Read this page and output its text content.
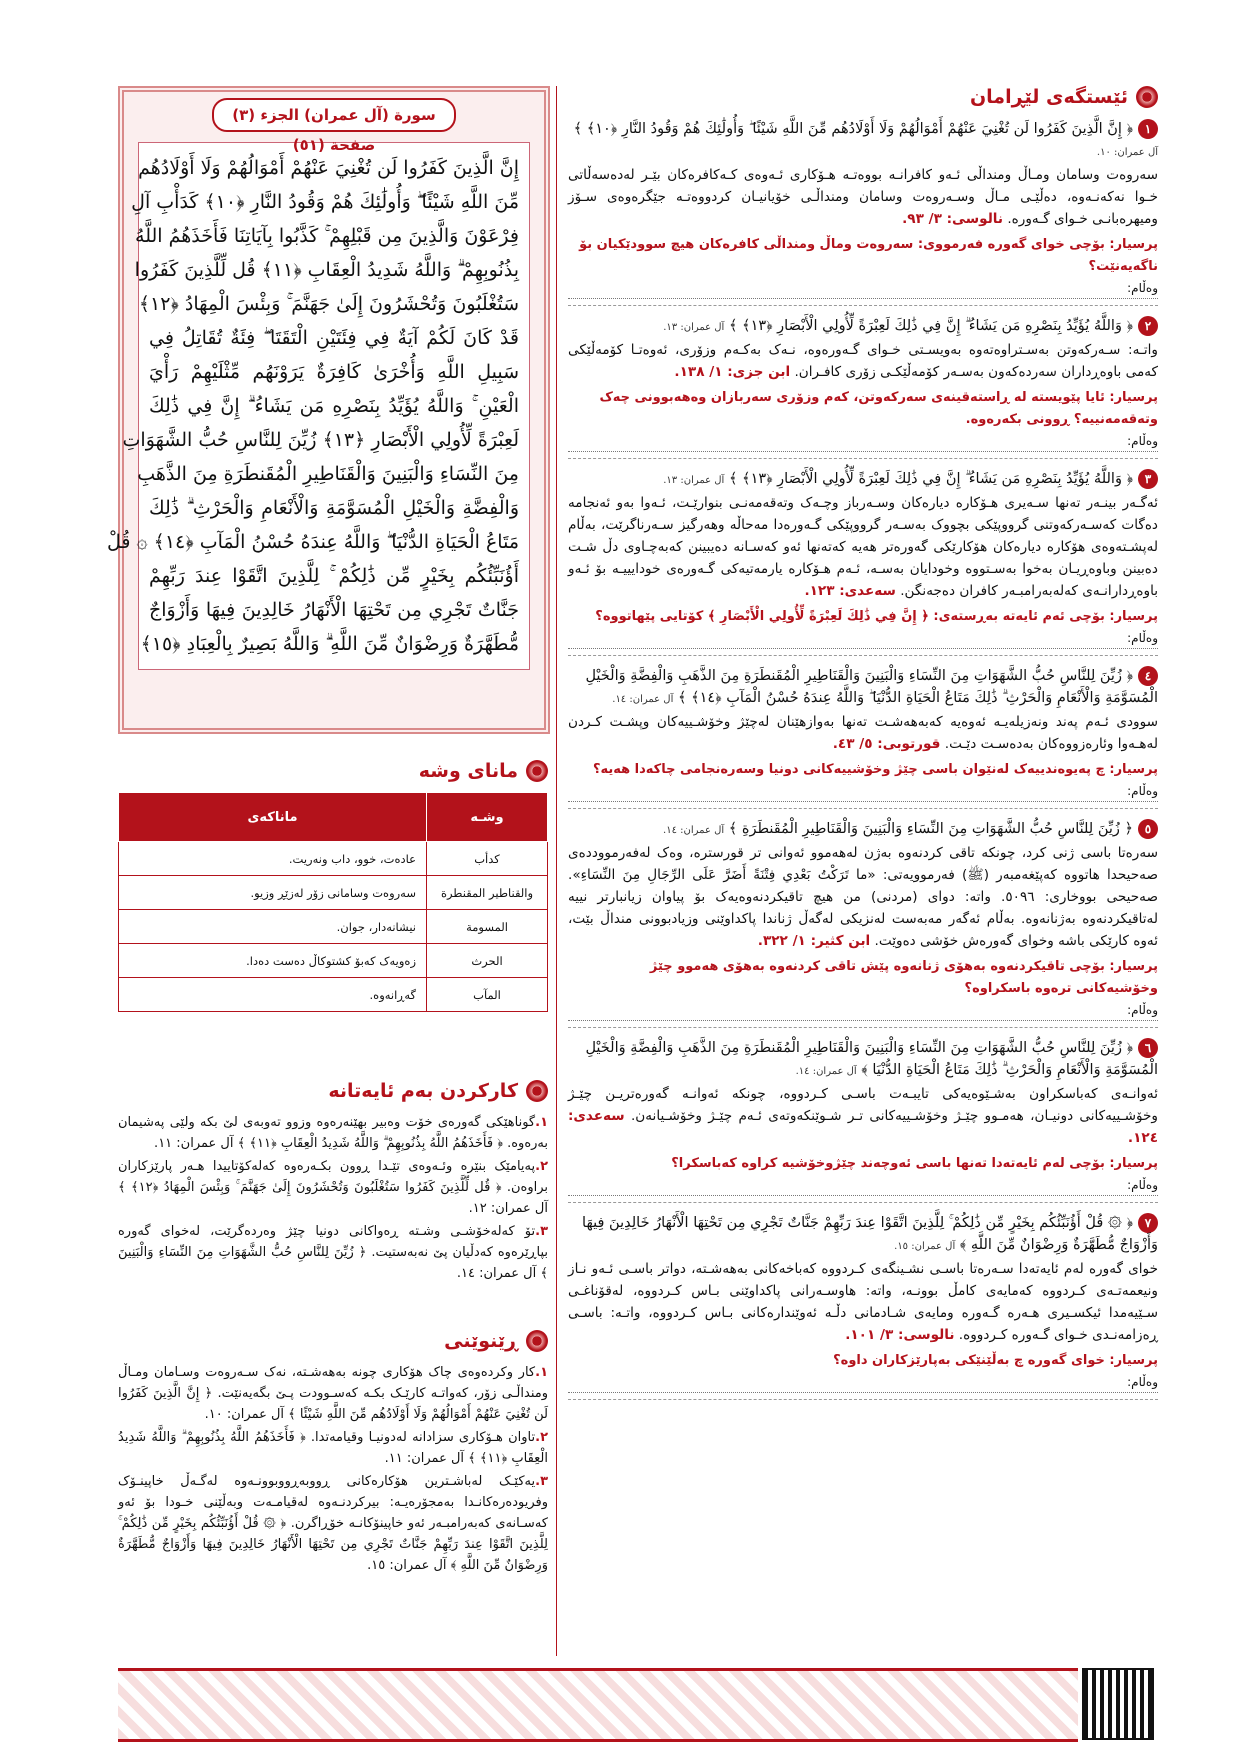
ئێستگەی لێڕامان
١﴿ إِنَّ الَّذِينَ كَفَرُوا لَن تُغْنِيَ عَنْهُمْ أَمْوَالُهُمْ وَلَا أَوْلَادُهُم مِّنَ اللَّهِ شَيْئًا ۖ وَأُولَٰئِكَ هُمْ وَقُودُ النَّارِ ﴿١٠﴾ ﴾ آل عمران: ١٠.
سەروەت وسامان ومـاڵ ومنداڵی ئـەو کافرانـە بووەتـە هـۆکاری ئـەوەی کـەکافرەکان بێـر لەدەسەڵاتی خـوا نەکەنـەوە، دەڵێـی مـاڵ وسـەروەت وسامان ومنداڵـی خۆیانیـان کردووەتـە جێگرەوەی سـۆز ومیهرەبانـی خـوای گـەورە. نالوسی: ٣/ ٩٣.
پرسیار: بۆچی خوای گەورە فەرمووی: سەروەت وماڵ ومنداڵی کافرەکان هیچ سوودێکیان بۆ ناگەیەنێت؟
وەڵام:
٢﴿ وَاللَّهُ يُؤَيِّدُ بِنَصْرِهِ مَن يَشَاءُ ۗ إِنَّ فِي ذَٰلِكَ لَعِبْرَةً لِّأُولِي الْأَبْصَارِ ﴿١٣﴾ ﴾ آل عمران: ١٣.
واتـە: سـەرکەوتن بەسـتراوەتەوە بەویسـتی خـوای گـەورەوە، نـەک بەکـەم وزۆری، ئەوەتـا کۆمەڵێکی کەمی باوەڕداران سەردەکەون بەسـەر کۆمەڵێکـی زۆری کافـران. ابن جزی: ١/ ١٣٨.
پرسیار: ئایا پێویستە لە ڕاستەقینەی سەرکەوتن، کەم وزۆری سەربازان وەهەبوونی چەک وتەقەمەنییە؟ ڕوونی بکەرەوە.
وەڵام:
٣﴿ وَاللَّهُ يُؤَيِّدُ بِنَصْرِهِ مَن يَشَاءُ ۗ إِنَّ فِي ذَٰلِكَ لَعِبْرَةً لِّأُولِي الْأَبْصَارِ ﴿١٣﴾ ﴾ آل عمران: ١٣.
ئەگـەر بینـەر تەنها سـەیری هـۆکارە دیارەکان وسـەرباز وچـەک وتەقەمەنـی بنوارێـت، ئـەوا بەو ئەنجامە دەگات کەسـەرکەوتنی گرووپێکی بچووک بەسـەر گرووپێکی گـەورەدا مەحاڵە وهەرگیز سـەرناگرێت، بەڵام لەپشـتەوەی هۆکارە دیارەکان هۆکارێکی گەورەتر هەیە کەتەنها ئەو کەسـانە دەیبینن کەبەچـاوی دڵ شـت دەبینن وباوەڕیـان بەخوا بەسـتووە وخودایان بەسـە، ئـەم هـۆکارە یارمەتیەکی گـەورەی خودایییـە بۆ ئـەو باوەڕدارانـەی کەلەبەرامبـەر کافران دەجەنگن. سەعدی: ١٢٣.
پرسیار: بۆچی ئەم ئایەتە بەڕستەی: ﴿ إِنَّ فِي ذَٰلِكَ لَعِبْرَةً لِّأُولِي الْأَبْصَارِ ﴾ کۆتایی پێهاتووە؟
وەڵام:
٤﴿ زُيِّنَ لِلنَّاسِ حُبُّ الشَّهَوَاتِ مِنَ النِّسَاءِ وَالْبَنِينَ وَالْقَنَاطِيرِ الْمُقَنطَرَةِ مِنَ الذَّهَبِ وَالْفِضَّةِ وَالْخَيْلِ الْمُسَوَّمَةِ وَالْأَنْعَامِ وَالْحَرْثِ ۗ ذَٰلِكَ مَتَاعُ الْحَيَاةِ الدُّنْيَا ۖ وَاللَّهُ عِندَهُ حُسْنُ الْمَآبِ ﴿١٤﴾ ﴾ آل عمران: ١٤.
سوودی ئـەم پەند ونەزیلەیـە ئەوەیە کەبەهەشـت تەنها بەوازهێنان لەچێژ وخۆشـییەکان وپشـت کـردن لەهـەوا وئارەزووەکان بەدەسـت دێـت. قورتوبی: ٥/ ٤٣.
پرسیار: چ پەیوەندییەک لەنێوان باسی چێژ وخۆشییەکانی دونیا وسەرەنجامی چاکەدا هەیە؟
وەڵام:
٥﴿ زُيِّنَ لِلنَّاسِ حُبُّ الشَّهَوَاتِ مِنَ النِّسَاءِ وَالْبَنِينَ وَالْقَنَاطِيرِ الْمُقَنطَرَةِ ﴾ آل عمران: ١٤.
سەرەتا باسی ژنی کرد، چونکە تاقی کردنەوە بەژن لەهەموو ئەوانی تر قورسترە، وەک لەفەرمووددەی صەحیحدا هاتووە کەپێغەمبەر (ﷺ) فەرموویەتی: «ما تَرَكْتُ بَعْدِي فِتْنَةً أَضَرَّ عَلَى الرِّجَالِ مِنَ النِّسَاءِ». صەحیحی بووخاری: ٥٠٩٦. واتە: دوای (مردنی) من هیچ تاقیکردنەوەیەک بۆ پیاوان زیانبارتر نییە لەتاقیکردنەوە بەژنانەوە. بەڵام ئەگەر مەبەست لەنزیکی لەگەڵ ژناندا پاکداوێنی وزیادبوونی منداڵ بێت، ئەوە کارێکی باشە وخوای گەورەش خۆشی دەوێت. ابن کثیر: ١/ ٣٢٢.
پرسیار: بۆچی تاقیکردنەوە بەهۆی ژنانەوە پێش تاقی کردنەوە بەهۆی هەموو چێژ وخۆشیەکانی ترەوە باسکراوە؟
وەڵام:
٦﴿ زُيِّنَ لِلنَّاسِ حُبُّ الشَّهَوَاتِ مِنَ النِّسَاءِ وَالْبَنِينَ وَالْقَنَاطِيرِ الْمُقَنطَرَةِ مِنَ الذَّهَبِ وَالْفِضَّةِ وَالْخَيْلِ الْمُسَوَّمَةِ وَالْأَنْعَامِ وَالْحَرْثِ ۗ ذَٰلِكَ مَتَاعُ الْحَيَاةِ الدُّنْيَا ﴾ آل عمران: ١٤.
ئەوانـەی کەباسکراون بەشـێوەیەکی تایبـەت باسـی کـردووە، چونکە ئەوانـە گەورەتریـن چێـژ وخۆشـییەکانی دونیـان، هەمـوو چێـژ وخۆشـییەکانی تـر شـوێنکەوتەی ئـەم چێـژ وخۆشـیانەن. سەعدی: ١٢٤.
پرسیار: بۆچی لەم ئایەتەدا تەنها باسی ئەوچەند چێژوخۆشیە کراوە کەباسکرا؟
وەڵام:
٧﴿ ۞ قُلْ أَؤُنَبِّئُكُم بِخَيْرٍ مِّن ذَٰلِكُمْ ۚ لِلَّذِينَ اتَّقَوْا عِندَ رَبِّهِمْ جَنَّاتٌ تَجْرِي مِن تَحْتِهَا الْأَنْهَارُ خَالِدِينَ فِيهَا وَأَزْوَاجٌ مُّطَهَّرَةٌ وَرِضْوَانٌ مِّنَ اللَّهِ ﴾ آل عمران: ١٥.
خوای گەورە لەم ئایەتەدا سـەرەتا باسـی نشـینگەی کـردووە کەباخەکانی بەهەشـتە، دواتر باسـی ئـەو نـاز ونیعمەتـەی کـردووە کەمایەی کامڵ بوونـە، واتە: هاوسـەرانی پاکداوێنی بـاس کـردووە، لەقۆناغـی سـێیەمدا ئیکسـیری هـەرە گـەورە ومایەی شـادمانی دڵـە ئەوێندارەکانی بـاس کـردووە، واتـە: باسـی ڕەزامەنـدی خـوای گـەورە کـردووە. نالوسی: ٣/ ١٠١.
پرسیار: خوای گەورە چ بەڵێنێکی بەپارێزکاران داوە؟
وەڵام:
سورة (آل عمران) الجزء (٣) صفحة (٥١)
إِنَّ الَّذِينَ كَفَرُوا لَن تُغْنِيَ عَنْهُمْ أَمْوَالُهُمْ وَلَا أَوْلَادُهُم
مِّنَ اللَّهِ شَيْئًا ۖ وَأُولَٰئِكَ هُمْ وَقُودُ النَّارِ ﴿١٠﴾ كَدَأْبِ آلِ
فِرْعَوْنَ وَالَّذِينَ مِن قَبْلِهِمْ ۚ كَذَّبُوا بِآيَاتِنَا فَأَخَذَهُمُ اللَّهُ
بِذُنُوبِهِمْ ۗ وَاللَّهُ شَدِيدُ الْعِقَابِ ﴿١١﴾ قُل لِّلَّذِينَ كَفَرُوا
سَتُغْلَبُونَ وَتُحْشَرُونَ إِلَىٰ جَهَنَّمَ ۚ وَبِئْسَ الْمِهَادُ ﴿١٢﴾
قَدْ كَانَ لَكُمْ آيَةٌ فِي فِئَتَيْنِ الْتَقَتَا ۖ فِئَةٌ تُقَاتِلُ فِي
سَبِيلِ اللَّهِ وَأُخْرَىٰ كَافِرَةٌ يَرَوْنَهُم مِّثْلَيْهِمْ رَأْيَ
الْعَيْنِ ۚ وَاللَّهُ يُؤَيِّدُ بِنَصْرِهِ مَن يَشَاءُ ۗ إِنَّ فِي ذَٰلِكَ
لَعِبْرَةً لِّأُولِي الْأَبْصَارِ ﴿١٣﴾ زُيِّنَ لِلنَّاسِ حُبُّ الشَّهَوَاتِ
مِنَ النِّسَاءِ وَالْبَنِينَ وَالْقَنَاطِيرِ الْمُقَنطَرَةِ مِنَ الذَّهَبِ
وَالْفِضَّةِ وَالْخَيْلِ الْمُسَوَّمَةِ وَالْأَنْعَامِ وَالْحَرْثِ ۗ ذَٰلِكَ
مَتَاعُ الْحَيَاةِ الدُّنْيَا ۖ وَاللَّهُ عِندَهُ حُسْنُ الْمَآبِ ﴿١٤﴾ ۞ قُلْ
أَؤُنَبِّئُكُم بِخَيْرٍ مِّن ذَٰلِكُمْ ۚ لِلَّذِينَ اتَّقَوْا عِندَ رَبِّهِمْ
جَنَّاتٌ تَجْرِي مِن تَحْتِهَا الْأَنْهَارُ خَالِدِينَ فِيهَا وَأَزْوَاجٌ
مُّطَهَّرَةٌ وَرِضْوَانٌ مِّنَ اللَّهِ ۗ وَاللَّهُ بَصِيرٌ بِالْعِبَادِ ﴿١٥﴾
مانای وشە
وشـە	ماناکەی
كدأب	عادەت، خوو، داب ونەریت.
والقناطير المقنطرة	سەروەت وسامانی زۆر لەزێڕ وزیو.
المسومة	نیشانەدار، جوان.
الحرث	زەویەک کەبۆ کشتوکاڵ دەست دەدا.
المآب	گەڕانەوە.
کارکردن بەم ئایەتانە
١.گوناهێکی گەورەی خۆت وەبیر بهێنەرەوە وزوو تەوبەی لێ بکە ولێی پەشیمان بەرەوە. ﴿ فَأَخَذَهُمُ اللَّهُ بِذُنُوبِهِمْ ۗ وَاللَّهُ شَدِيدُ الْعِقَابِ ﴿١١﴾ ﴾ آل عمران: ١١.
٢.پەیامێک بنێرە وئـەوەی تێـدا ڕوون بکـەرەوە کەلەکۆتاییدا هـەر پارێزکاران براوەن. ﴿ قُل لِّلَّذِينَ كَفَرُوا سَتُغْلَبُونَ وَتُحْشَرُونَ إِلَىٰ جَهَنَّمَ ۚ وَبِئْسَ الْمِهَادُ ﴿١٢﴾ ﴾ آل عمران: ١٢.
٣.تۆ کەلەخۆشـی وشـتە ڕەواکانی دونیا چێژ وەردەگرێت، لەخوای گەورە بپاڕێرەوە کەدڵیان پێ نەبەستیت. ﴿ زُيِّنَ لِلنَّاسِ حُبُّ الشَّهَوَاتِ مِنَ النِّسَاءِ وَالْبَنِينَ ﴾ آل عمران: ١٤.
ڕێنوێنی
١.کار وکردەوەی چاک هۆکاری چونە بەهەشـتە، نەک سـەروەت وسـامان ومـاڵ ومنداڵـی زۆر، کەواتـە کارێـک بکـە کەسـوودت پـێ بگەیەنێت. ﴿ إِنَّ الَّذِينَ كَفَرُوا لَن تُغْنِيَ عَنْهُمْ أَمْوَالُهُمْ وَلَا أَوْلَادُهُم مِّنَ اللَّهِ شَيْئًا ﴾ آل عمران: ١٠.
٢.تاوان هـۆکاری سزادانە لەدونیـا وقیامەتدا. ﴿ فَأَخَذَهُمُ اللَّهُ بِذُنُوبِهِمْ ۗ وَاللَّهُ شَدِيدُ الْعِقَابِ ﴿١١﴾ ﴾ آل عمران: ١١.
٣.یەکێـک لەباشـترین هۆکارەکانی ڕووبەڕووبوونـەوە لەگـەڵ خاپینـۆک وفریودەرەکانـدا بەمجۆرەیـە: بیرکردنـەوە لەقیامـەت وبەڵێنی خـودا بۆ ئەو کەسـانەی کەبەرامبـەر ئەو خاپینۆکانـە خۆڕاگرن. ﴿ ۞ قُلْ أَؤُنَبِّئُكُم بِخَيْرٍ مِّن ذَٰلِكُمْ ۚ لِلَّذِينَ اتَّقَوْا عِندَ رَبِّهِمْ جَنَّاتٌ تَجْرِي مِن تَحْتِهَا الْأَنْهَارُ خَالِدِينَ فِيهَا وَأَزْوَاجٌ مُّطَهَّرَةٌ وَرِضْوَانٌ مِّنَ اللَّهِ ﴾ آل عمران: ١٥.
